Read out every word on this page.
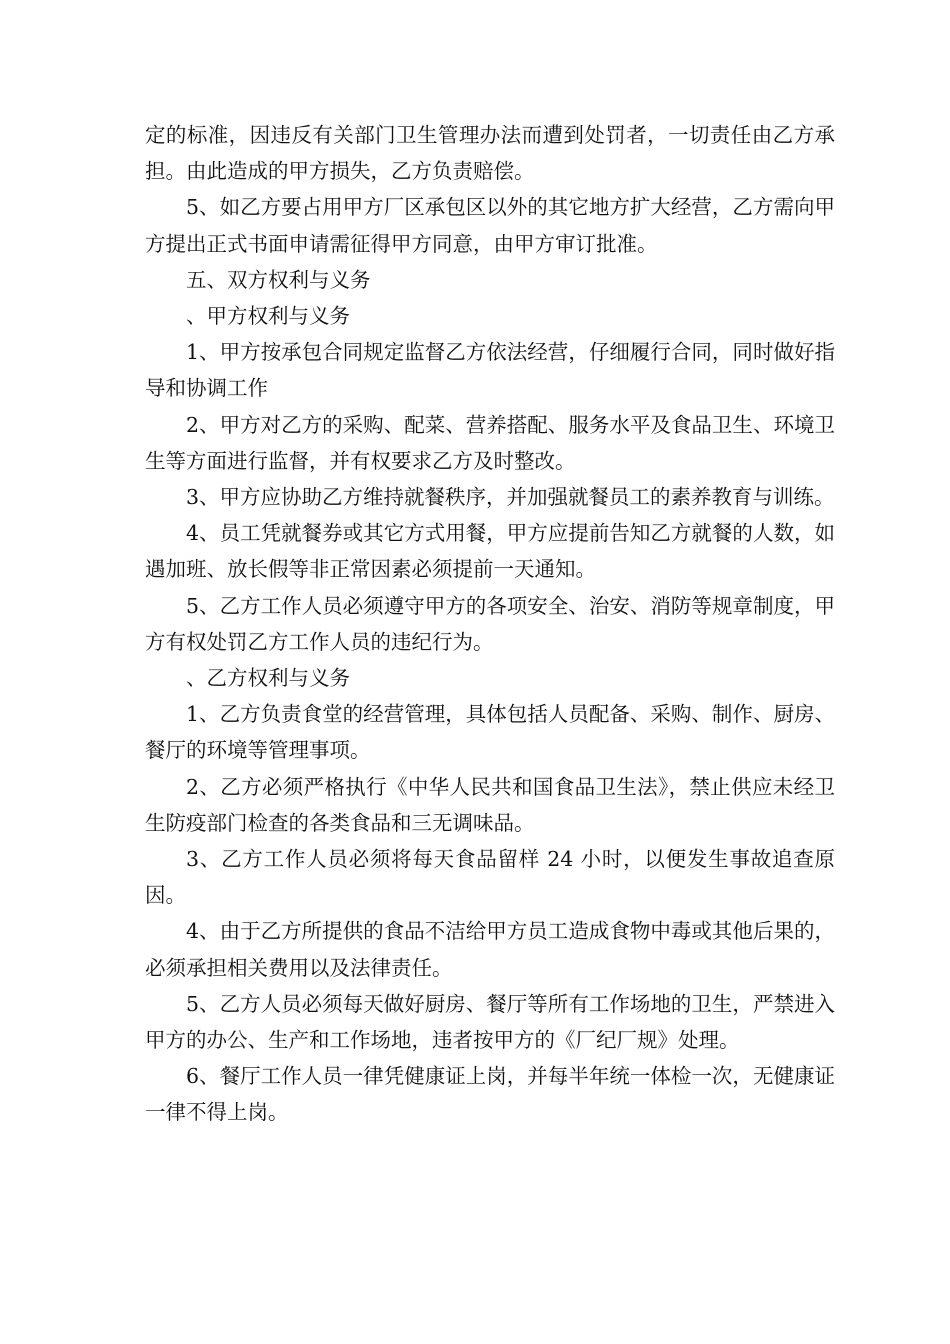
定的标准，因违反有关部门卫生管理办法而遭到处罚者，一切责任由乙方承担。由此造成的甲方损失，乙方负责赔偿。

5、如乙方要占用甲方厂区承包区以外的其它地方扩大经营，乙方需向甲方提出正式书面申请需征得甲方同意，由甲方审订批准。

五、双方权利与义务

、甲方权利与义务

1、甲方按承包合同规定监督乙方依法经营，仔细履行合同，同时做好指导和协调工作

2、甲方对乙方的采购、配菜、营养搭配、服务水平及食品卫生、环境卫生等方面进行监督，并有权要求乙方及时整改。

3、甲方应协助乙方维持就餐秩序，并加强就餐员工的素养教育与训练。

4、员工凭就餐券或其它方式用餐，甲方应提前告知乙方就餐的人数，如遇加班、放长假等非正常因素必须提前一天通知。

5、乙方工作人员必须遵守甲方的各项安全、治安、消防等规章制度，甲方有权处罚乙方工作人员的违纪行为。

、乙方权利与义务

1、乙方负责食堂的经营管理，具体包括人员配备、采购、制作、厨房、餐厅的环境等管理事项。

2、乙方必须严格执行《中华人民共和国食品卫生法》，禁止供应未经卫生防疫部门检查的各类食品和三无调味品。

3、乙方工作人员必须将每天食品留样 24 小时，以便发生事故追查原因。

4、由于乙方所提供的食品不洁给甲方员工造成食物中毒或其他后果的，必须承担相关费用以及法律责任。

5、乙方人员必须每天做好厨房、餐厅等所有工作场地的卫生，严禁进入甲方的办公、生产和工作场地，违者按甲方的《厂纪厂规》处理。

6、餐厅工作人员一律凭健康证上岗，并每半年统一体检一次，无健康证一律不得上岗。
